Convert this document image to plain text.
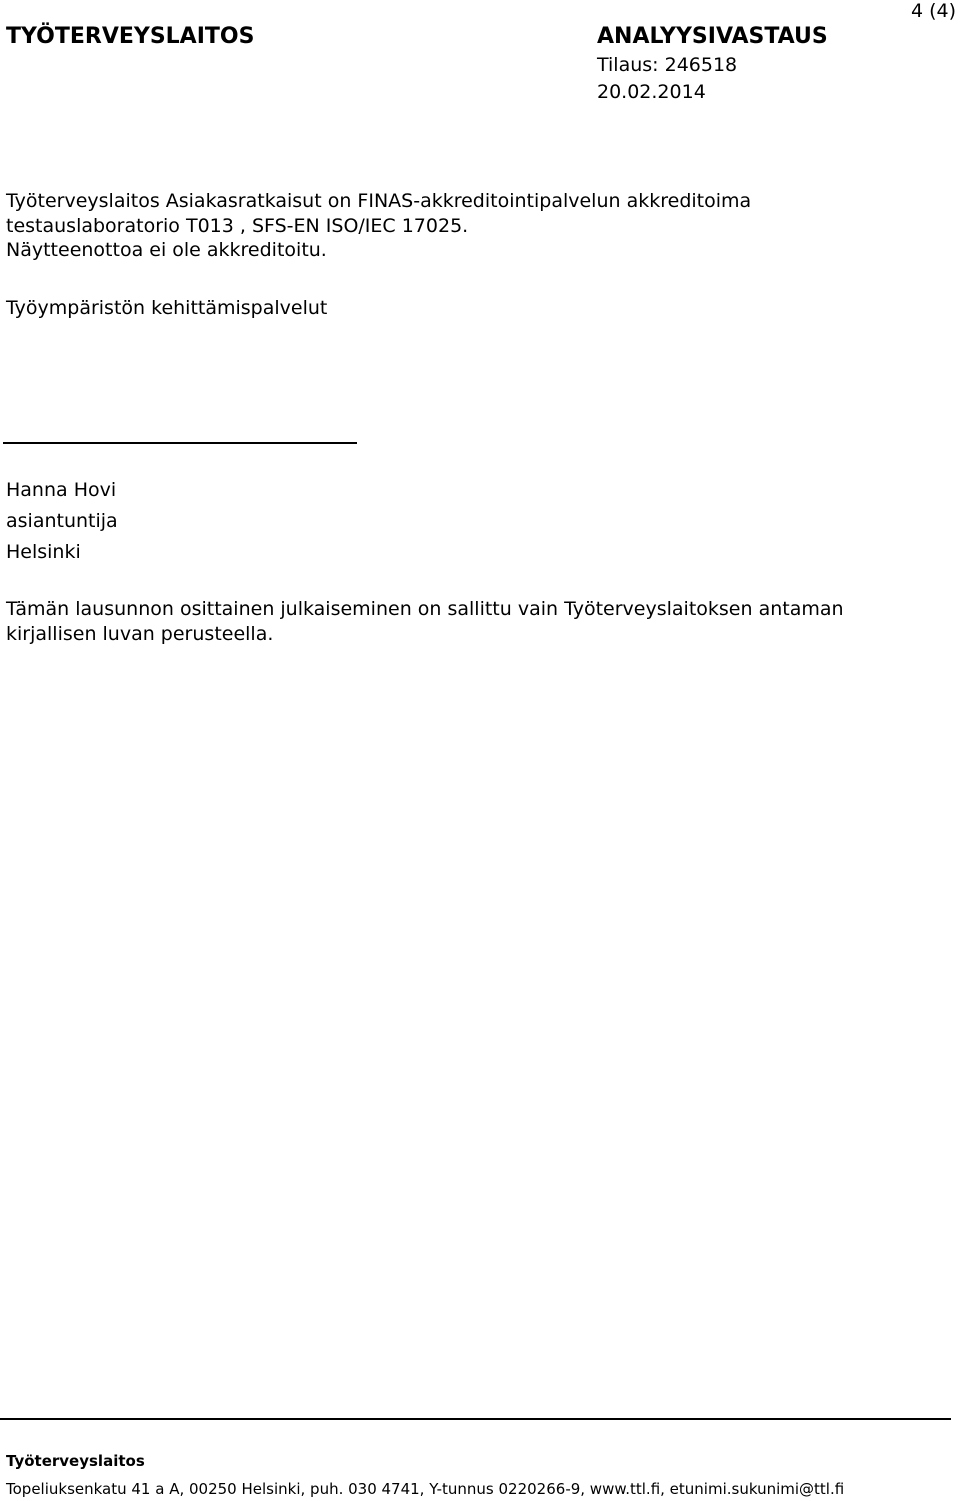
4 (4)
TYÖTERVEYSLAITOS	ANALYYSIVASTAUS
Tilaus: 246518
20.02.2014
Työterveyslaitos Asiakasratkaisut on FINAS-akkreditointipalvelun akkreditoima
testauslaboratorio T013 , SFS-EN ISO/IEC 17025.
Näytteenottoa ei ole akkreditoitu.
Työympäristön kehittämispalvelut
Hanna Hovi
asiantuntija
Helsinki
Tämän lausunnon osittainen julkaiseminen on sallittu vain Työterveyslaitoksen antaman
kirjallisen luvan perusteella.
Työterveyslaitos
Topeliuksenkatu 41 a A, 00250 Helsinki, puh. 030 4741, Y-tunnus 0220266-9, www.ttl.fi, etunimi.sukunimi@ttl.fi
